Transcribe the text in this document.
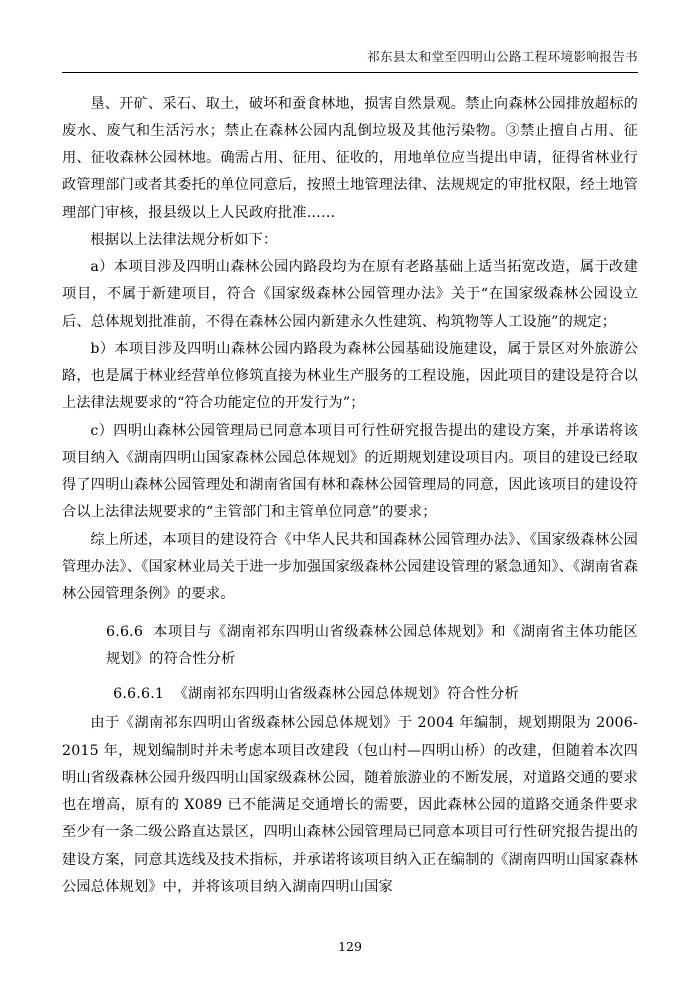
祁东县太和堂至四明山公路工程环境影响报告书

垦、开矿、采石、取土，破坏和蚕食林地，损害自然景观。禁止向森林公园排放超标的废水、废气和生活污水；禁止在森林公园内乱倒垃圾及其他污染物。③禁止擅自占用、征用、征收森林公园林地。确需占用、征用、征收的，用地单位应当提出申请，征得省林业行政管理部门或者其委托的单位同意后，按照土地管理法律、法规规定的审批权限，经土地管理部门审核，报县级以上人民政府批准……

根据以上法律法规分析如下：

a）本项目涉及四明山森林公园内路段均为在原有老路基础上适当拓宽改造，属于改建项目，不属于新建项目，符合《国家级森林公园管理办法》关于“在国家级森林公园设立后、总体规划批准前，不得在森林公园内新建永久性建筑、构筑物等人工设施”的规定；

b）本项目涉及四明山森林公园内路段为森林公园基础设施建设，属于景区对外旅游公路，也是属于林业经营单位修筑直接为林业生产服务的工程设施，因此项目的建设是符合以上法律法规要求的“符合功能定位的开发行为”；

c）四明山森林公园管理局已同意本项目可行性研究报告提出的建设方案，并承诺将该项目纳入《湖南四明山国家森林公园总体规划》的近期规划建设项目内。项目的建设已经取得了四明山森林公园管理处和湖南省国有林和森林公园管理局的同意，因此该项目的建设符合以上法律法规要求的“主管部门和主管单位同意”的要求；

综上所述，本项目的建设符合《中华人民共和国森林公园管理办法》、《国家级森林公园管理办法》、《国家林业局关于进一步加强国家级森林公园建设管理的紧急通知》、《湖南省森林公园管理条例》的要求。

6.6.6 本项目与《湖南祁东四明山省级森林公园总体规划》和《湖南省主体功能区规划》的符合性分析

6.6.6.1 《湖南祁东四明山省级森林公园总体规划》符合性分析

由于《湖南祁东四明山省级森林公园总体规划》于 2004 年编制，规划期限为 2006-2015 年，规划编制时并未考虑本项目改建段（包山村—四明山桥）的改建，但随着本次四明山省级森林公园升级四明山国家级森林公园，随着旅游业的不断发展，对道路交通的要求也在增高，原有的 X089 已不能满足交通增长的需要，因此森林公园的道路交通条件要求至少有一条二级公路直达景区，四明山森林公园管理局已同意本项目可行性研究报告提出的建设方案，同意其选线及技术指标，并承诺将该项目纳入正在编制的《湖南四明山国家森林公园总体规划》中，并将该项目纳入湖南四明山国家

129
